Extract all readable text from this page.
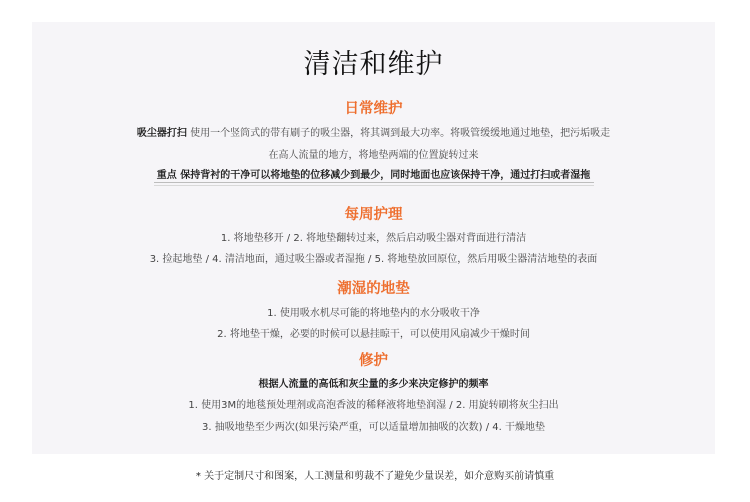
清洁和维护
日常维护
吸尘器打扫 使用一个竖筒式的带有刷子的吸尘器，将其调到最大功率。将吸管缓缓地通过地垫，把污垢吸走
在高人流量的地方，将地垫两端的位置旋转过来
重点 保持背衬的干净可以将地垫的位移减少到最少，同时地面也应该保持干净，通过打扫或者湿拖
每周护理
1. 将地垫移开 / 2. 将地垫翻转过来，然后启动吸尘器对背面进行清洁
3. 捡起地垫 / 4. 清洁地面，通过吸尘器或者湿拖 / 5. 将地垫放回原位，然后用吸尘器清洁地垫的表面
潮湿的地垫
1. 使用吸水机尽可能的将地垫内的水分吸收干净
2. 将地垫干燥，必要的时候可以悬挂晾干，可以使用风扇减少干燥时间
修护
根据人流量的高低和灰尘量的多少来决定修护的频率
1. 使用3M的地毯预处理剂或高泡香波的稀释液将地垫润湿 / 2. 用旋转刷将灰尘扫出
3. 抽吸地垫至少两次(如果污染严重，可以适量增加抽吸的次数) / 4. 干燥地垫
* 关于定制尺寸和图案，人工测量和剪裁不了避免少量误差，如介意购买前请慎重
